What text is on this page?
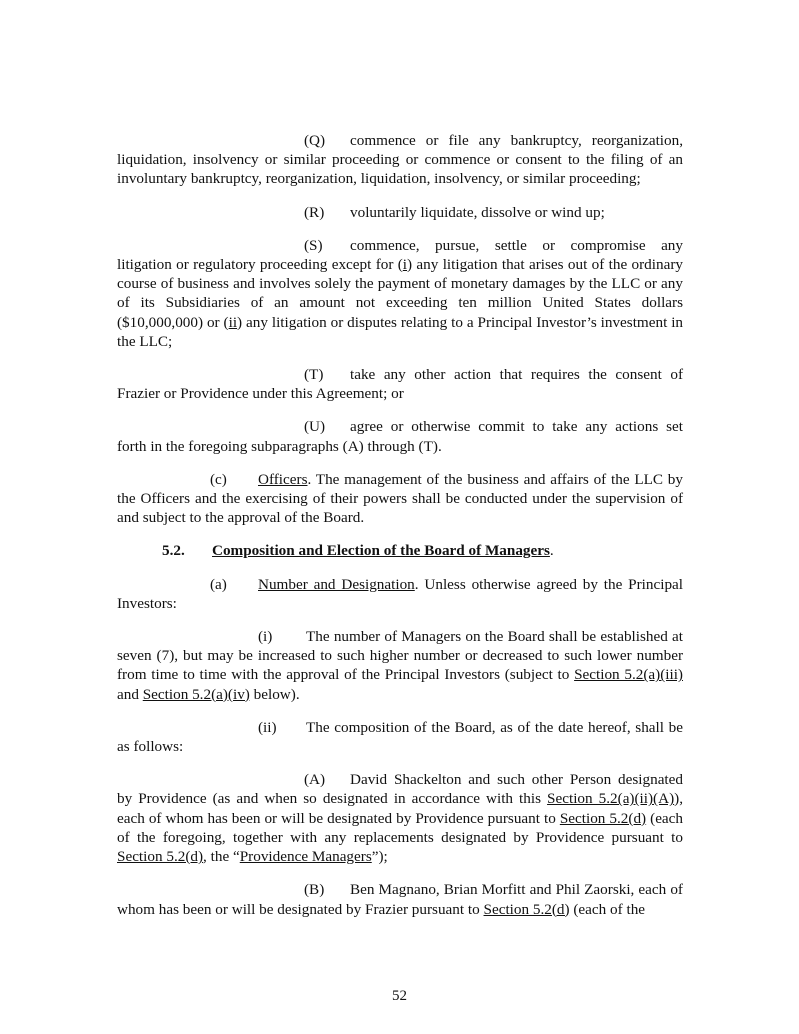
(Q) commence or file any bankruptcy, reorganization, liquidation, insolvency or similar proceeding or commence or consent to the filing of an involuntary bankruptcy, reorganization, liquidation, insolvency, or similar proceeding;

(R) voluntarily liquidate, dissolve or wind up;

(S) commence, pursue, settle or compromise any litigation or regulatory proceeding except for (i) any litigation that arises out of the ordinary course of business and involves solely the payment of monetary damages by the LLC or any of its Subsidiaries of an amount not exceeding ten million United States dollars ($10,000,000) or (ii) any litigation or disputes relating to a Principal Investor’s investment in the LLC;

(T) take any other action that requires the consent of Frazier or Providence under this Agreement; or

(U) agree or otherwise commit to take any actions set forth in the foregoing subparagraphs (A) through (T).

(c) Officers. The management of the business and affairs of the LLC by the Officers and the exercising of their powers shall be conducted under the supervision of and subject to the approval of the Board.

5.2. Composition and Election of the Board of Managers.

(a) Number and Designation. Unless otherwise agreed by the Principal Investors:

(i) The number of Managers on the Board shall be established at seven (7), but may be increased to such higher number or decreased to such lower number from time to time with the approval of the Principal Investors (subject to Section 5.2(a)(iii) and Section 5.2(a)(iv) below).

(ii) The composition of the Board, as of the date hereof, shall be as follows:

(A) David Shackelton and such other Person designated by Providence (as and when so designated in accordance with this Section 5.2(a)(ii)(A)), each of whom has been or will be designated by Providence pursuant to Section 5.2(d) (each of the foregoing, together with any replacements designated by Providence pursuant to Section 5.2(d), the “Providence Managers”);

(B) Ben Magnano, Brian Morfitt and Phil Zaorski, each of whom has been or will be designated by Frazier pursuant to Section 5.2(d) (each of the

52
